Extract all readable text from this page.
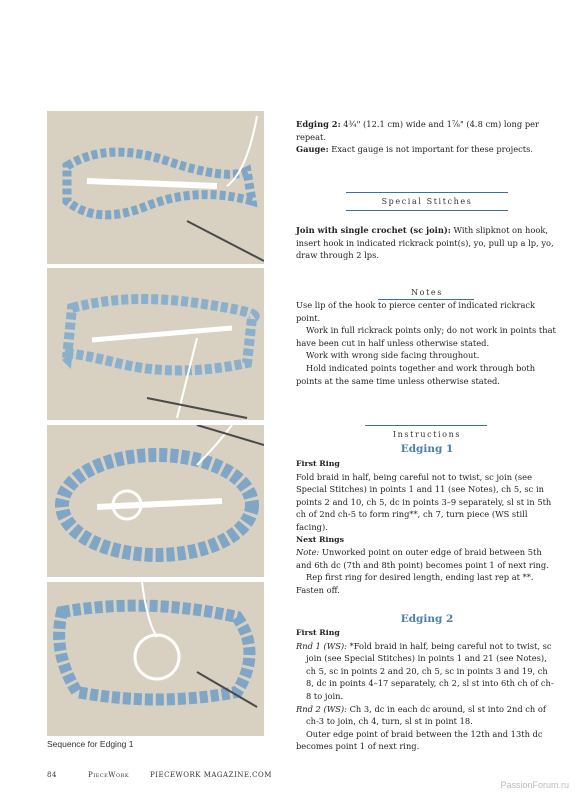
Sequence for Edging 1

Edging 2: 4¾" (12.1 cm) wide and 1⅞" (4.8 cm) long per repeat.

Gauge: Exact gauge is not important for these projects.

Special Stitches

Join with single crochet (sc join): With slipknot on hook, insert hook in indicated rickrack point(s), yo, pull up a lp, yo, draw through 2 lps.

Notes

Use lip of the hook to pierce center of indicated rickrack point.

Work in full rickrack points only; do not work in points that have been cut in half unless otherwise stated.

Work with wrong side facing throughout.

Hold indicated points together and work through both points at the same time unless otherwise stated.

Instructions
Edging 1

First Ring

Fold braid in half, being careful not to twist, sc join (see Special Stitches) in points 1 and 11 (see Notes), ch 5, sc in points 2 and 10, ch 5, dc in points 3–9 separately, sl st in 5th ch of 2nd ch-5 to form ring**, ch 7, turn piece (WS still facing).

Next Rings

Note: Unworked point on outer edge of braid between 5th and 6th dc (7th and 8th point) becomes point 1 of next ring.

Rep first ring for desired length, ending last rep at **. Fasten off.

Edging 2

First Ring

Rnd 1 (WS): *Fold braid in half, being careful not to twist, sc join (see Special Stitches) in points 1 and 21 (see Notes), ch 5, sc in points 2 and 20, ch 5, sc in points 3 and 19, ch 8, dc in points 4–17 separately, ch 2, sl st into 6th ch of ch-8 to join.

Rnd 2 (WS): Ch 3, dc in each dc around, sl st into 2nd ch of ch-3 to join, ch 4, turn, sl st in point 18.

Outer edge point of braid between the 12th and 13th dc becomes point 1 of next ring.

84	PieceWork	PIECEWORK MAGAZINE.COM
PassionForum.ru
